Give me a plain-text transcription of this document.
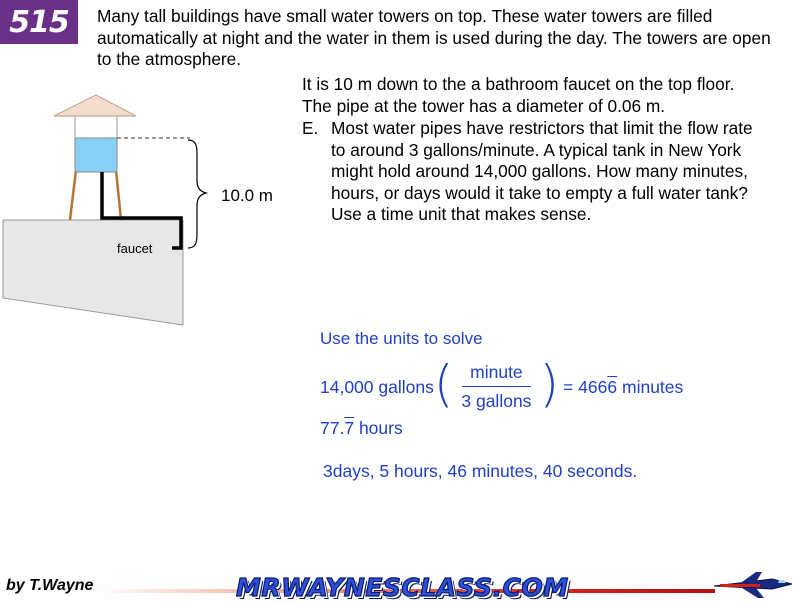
515	Many tall buildings have small water towers on top. These water towers are filled automatically at night and the water in them is used during the day. The towers are open to the atmosphere.

It is 10 m down to the a bathroom faucet on the top floor. The pipe at the tower has a diameter of 0.06 m.

E. Most water pipes have restrictors that limit the flow rate to around 3 gallons/minute. A typical tank in New York might hold around 14,000 gallons. How many minutes, hours, or days would it take to empty a full water tank? Use a time unit that makes sense.

10.0 m
faucet
Use the units to solve
14,000 gallons ( $\frac{\text{minute}}{\text{3 gallons}}$ ) = 4666 minutes
77.7 hours
3days, 5 hours, 46 minutes, 40 seconds.
by T.Wayne	MRWAYNESCLASS.COM
